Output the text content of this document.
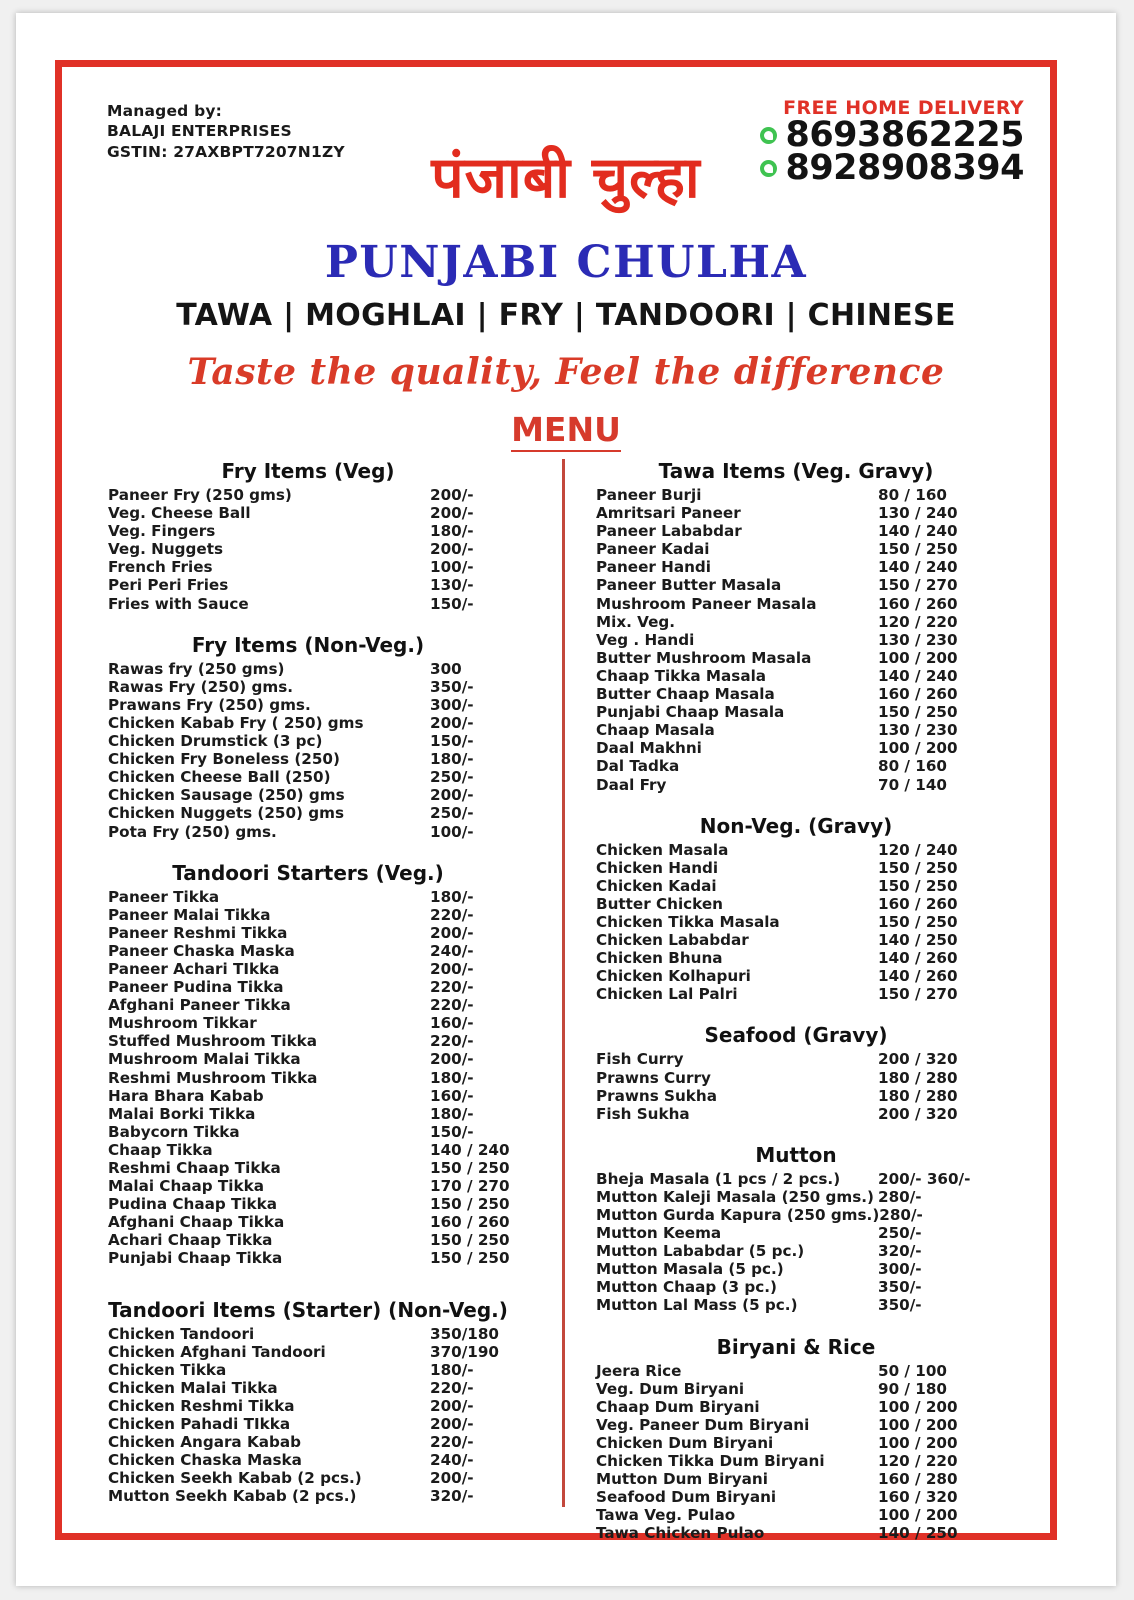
Managed by:
BALAJI ENTERPRISES
GSTIN: 27AXBPT7207N1ZY
FREE HOME DELIVERY
8693862225
8928908394
पंजाबी चुल्हा
PUNJABI CHULHA
TAWA | MOGHLAI | FRY | TANDOORI | CHINESE
Taste the quality, Feel the difference
MENU
Fry Items (Veg)
Paneer Fry (250 gms)	200/-
Veg. Cheese Ball	200/-
Veg. Fingers	180/-
Veg. Nuggets	200/-
French Fries	100/-
Peri Peri Fries	130/-
Fries with Sauce	150/-
Fry Items (Non-Veg.)
Rawas fry (250 gms)	300
Rawas Fry (250) gms.	350/-
Prawans Fry (250) gms.	300/-
Chicken Kabab Fry ( 250) gms	200/-
Chicken Drumstick (3 pc)	150/-
Chicken Fry Boneless (250)	180/-
Chicken Cheese Ball (250)	250/-
Chicken Sausage (250) gms	200/-
Chicken Nuggets (250) gms	250/-
Pota Fry (250) gms.	100/-
Tandoori Starters (Veg.)
Paneer Tikka	180/-
Paneer Malai Tikka	220/-
Paneer Reshmi Tikka	200/-
Paneer Chaska Maska	240/-
Paneer Achari TIkka	200/-
Paneer Pudina Tikka	220/-
Afghani Paneer Tikka	220/-
Mushroom Tikkar	160/-
Stuffed Mushroom Tikka	220/-
Mushroom Malai Tikka	200/-
Reshmi Mushroom Tikka	180/-
Hara Bhara Kabab	160/-
Malai Borki Tikka	180/-
Babycorn Tikka	150/-
Chaap Tikka	140 / 240
Reshmi Chaap Tikka	150 / 250
Malai Chaap Tikka	170 / 270
Pudina Chaap Tikka	150 / 250
Afghani Chaap Tikka	160 / 260
Achari Chaap Tikka	150 / 250
Punjabi Chaap Tikka	150 / 250
Tandoori Items (Starter) (Non-Veg.)
Chicken Tandoori	350/180
Chicken Afghani Tandoori	370/190
Chicken Tikka	180/-
Chicken Malai Tikka	220/-
Chicken Reshmi Tikka	200/-
Chicken Pahadi TIkka	200/-
Chicken Angara Kabab	220/-
Chicken Chaska Maska	240/-
Chicken Seekh Kabab (2 pcs.)	200/-
Mutton Seekh Kabab (2 pcs.)	320/-
Tawa Items (Veg. Gravy)
Paneer Burji	80 / 160
Amritsari Paneer	130 / 240
Paneer Lababdar	140 / 240
Paneer Kadai	150 / 250
Paneer Handi	140 / 240
Paneer Butter Masala	150 / 270
Mushroom Paneer Masala	160 / 260
Mix. Veg.	120 / 220
Veg . Handi	130 / 230
Butter Mushroom Masala	100 / 200
Chaap Tikka Masala	140 / 240
Butter Chaap Masala	160 / 260
Punjabi Chaap Masala	150 / 250
Chaap Masala	130 / 230
Daal Makhni	100 / 200
Dal Tadka	80 / 160
Daal Fry	70 / 140
Non-Veg. (Gravy)
Chicken Masala	120 / 240
Chicken Handi	150 / 250
Chicken Kadai	150 / 250
Butter Chicken	160 / 260
Chicken Tikka Masala	150 / 250
Chicken Lababdar	140 / 250
Chicken Bhuna	140 / 260
Chicken Kolhapuri	140 / 260
Chicken Lal Palri	150 / 270
Seafood (Gravy)
Fish Curry	200 / 320
Prawns Curry	180 / 280
Prawns Sukha	180 / 280
Fish Sukha	200 / 320
Mutton
Bheja Masala (1 pcs / 2 pcs.) 200/- 360/-
Mutton Kaleji Masala (250 gms.) 280/-
Mutton Gurda Kapura (250 gms.) 280/-
Mutton Keema	250/-
Mutton Lababdar (5 pc.)	320/-
Mutton Masala (5 pc.)	300/-
Mutton Chaap (3 pc.)	350/-
Mutton Lal Mass (5 pc.)	350/-
Biryani & Rice
Jeera Rice	50 / 100
Veg. Dum Biryani	90 / 180
Chaap Dum Biryani	100 / 200
Veg. Paneer Dum Biryani	100 / 200
Chicken Dum Biryani	100 / 200
Chicken Tikka Dum Biryani	120 / 220
Mutton Dum Biryani	160 / 280
Seafood Dum Biryani	160 / 320
Tawa Veg. Pulao	100 / 200
Tawa Chicken Pulao	140 / 250
